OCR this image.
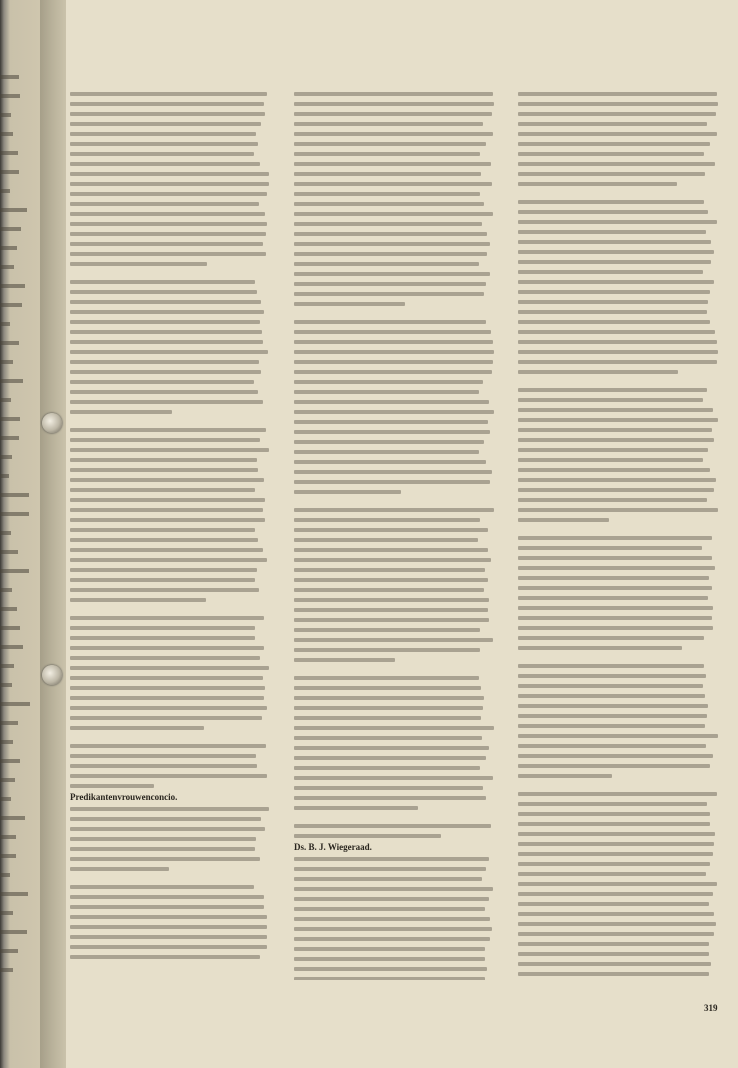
Predikantenvrouwenconcio.
Ds. B. J. Wiegeraad.
319
